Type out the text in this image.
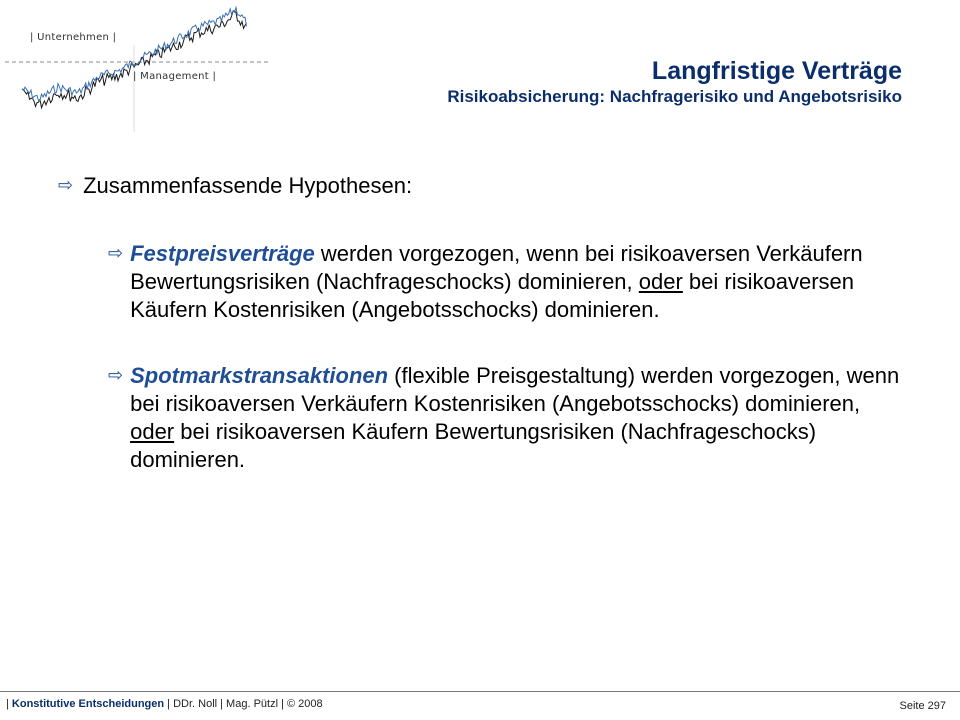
| Unternehmen |
| Management |	Langfristige Verträge
Risikoabsicherung: Nachfragerisiko und Angebotsrisiko
⇨ Zusammenfassende Hypothesen:
⇨ Festpreisverträge werden vorgezogen, wenn bei risikoaversen Verkäufern Bewertungsrisiken (Nachfrageschocks) dominieren, oder bei risikoaversen Käufern Kostenrisiken (Angebotsschocks) dominieren.
⇨ Spotmarkstransaktionen (flexible Preisgestaltung) werden vorgezogen, wenn bei risikoaversen Verkäufern Kostenrisiken (Angebotsschocks) dominieren, oder bei risikoaversen Käufern Bewertungsrisiken (Nachfrageschocks) dominieren.
| Konstitutive Entscheidungen | DDr. Noll | Mag. Pützl | © 2008	Seite 297
